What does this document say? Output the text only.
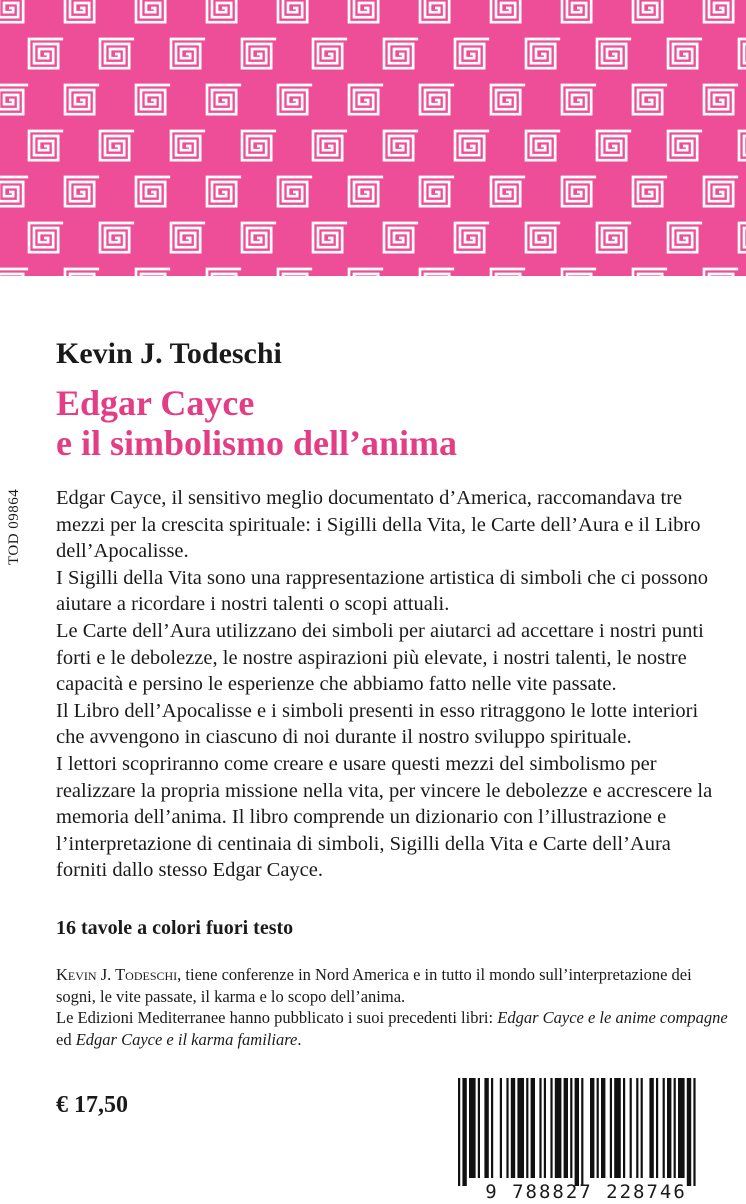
TOD 09864
Kevin J. Todeschi
Edgar Cayce
e il simbolismo dell’anima

Edgar Cayce, il sensitivo meglio documentato d’America, raccomandava tre mezzi per la crescita spirituale: i Sigilli della Vita, le Carte dell’Aura e il Libro dell’Apocalisse.

I Sigilli della Vita sono una rappresentazione artistica di simboli che ci possono aiutare a ricordare i nostri talenti o scopi attuali.

Le Carte dell’Aura utilizzano dei simboli per aiutarci ad accettare i nostri punti forti e le debolezze, le nostre aspirazioni più elevate, i nostri talenti, le nostre capacità e persino le esperienze che abbiamo fatto nelle vite passate.

Il Libro dell’Apocalisse e i simboli presenti in esso ritraggono le lotte interiori che avvengono in ciascuno di noi durante il nostro sviluppo spirituale.

I lettori scopriranno come creare e usare questi mezzi del simbolismo per realizzare la propria missione nella vita, per vincere le debolezze e accrescere la memoria dell’anima. Il libro comprende un dizionario con l’illustrazione e l’interpretazione di centinaia di simboli, Sigilli della Vita e Carte dell’Aura forniti dallo stesso Edgar Cayce.

16 tavole a colori fuori testo

Kevin J. Todeschi, tiene conferenze in Nord America e in tutto il mondo sull’interpretazione dei sogni, le vite passate, il karma e lo scopo dell’anima.

Le Edizioni Mediterranee hanno pubblicato i suoi precedenti libri: Edgar Cayce e le anime compagne ed Edgar Cayce e il karma familiare.

€ 17,50
9 788827 228746
